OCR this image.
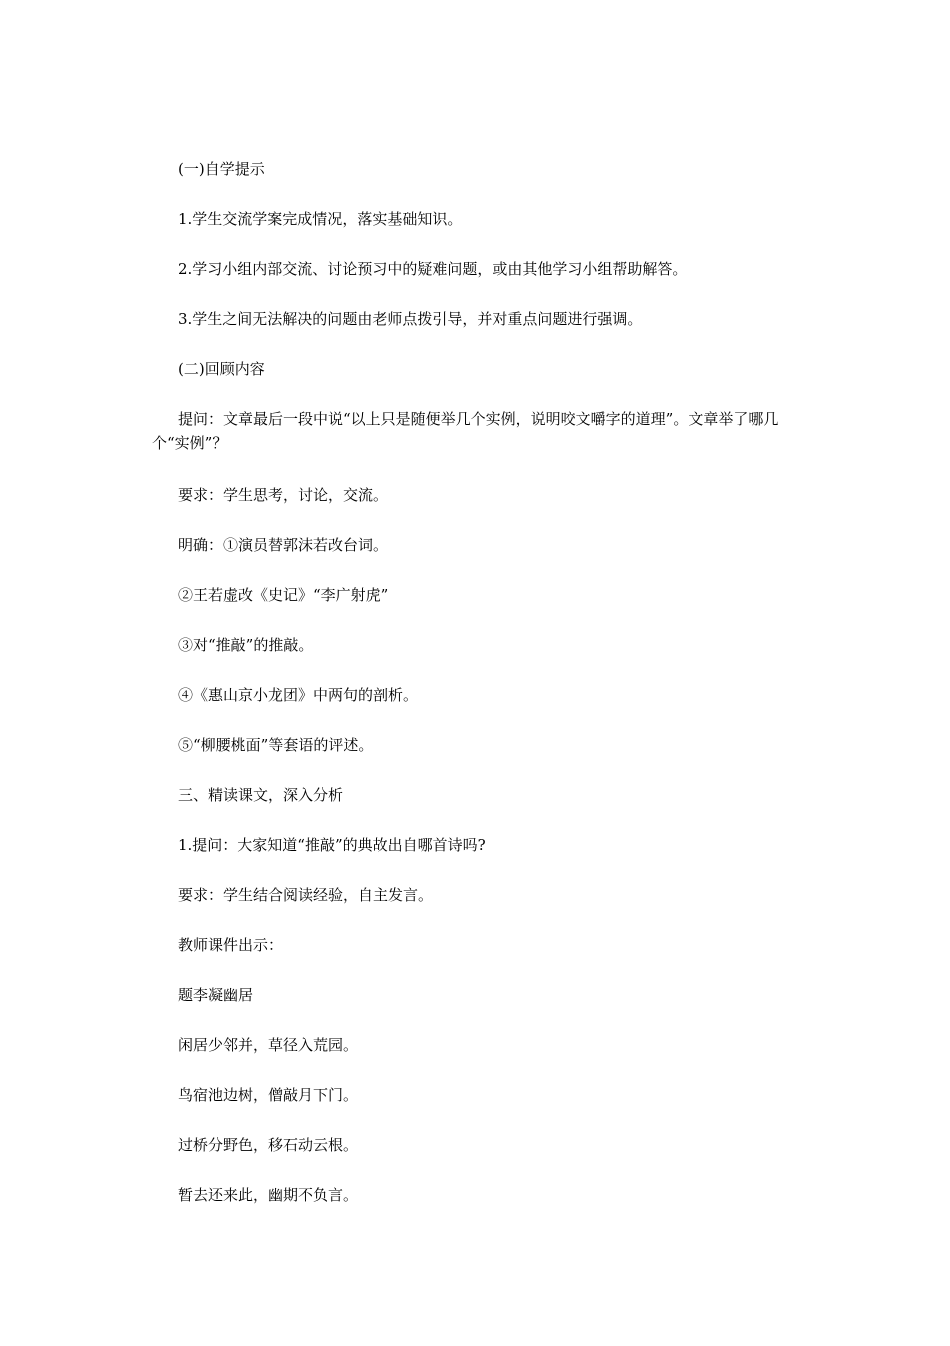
(一)自学提示

1.学生交流学案完成情况，落实基础知识。

2.学习小组内部交流、讨论预习中的疑难问题，或由其他学习小组帮助解答。

3.学生之间无法解决的问题由老师点拨引导，并对重点问题进行强调。

(二)回顾内容

提问：文章最后一段中说“以上只是随便举几个实例，说明咬文嚼字的道理”。文章举了哪几个“实例”？

要求：学生思考，讨论，交流。

明确：①演员替郭沫若改台词。

②王若虚改《史记》“李广射虎”

③对“推敲”的推敲。

④《惠山京小龙团》中两句的剖析。

⑤“柳腰桃面”等套语的评述。

三、精读课文，深入分析

1.提问：大家知道“推敲”的典故出自哪首诗吗?

要求：学生结合阅读经验，自主发言。

教师课件出示：

题李凝幽居

闲居少邻并，草径入荒园。

鸟宿池边树，僧敲月下门。

过桥分野色，移石动云根。

暂去还来此，幽期不负言。
